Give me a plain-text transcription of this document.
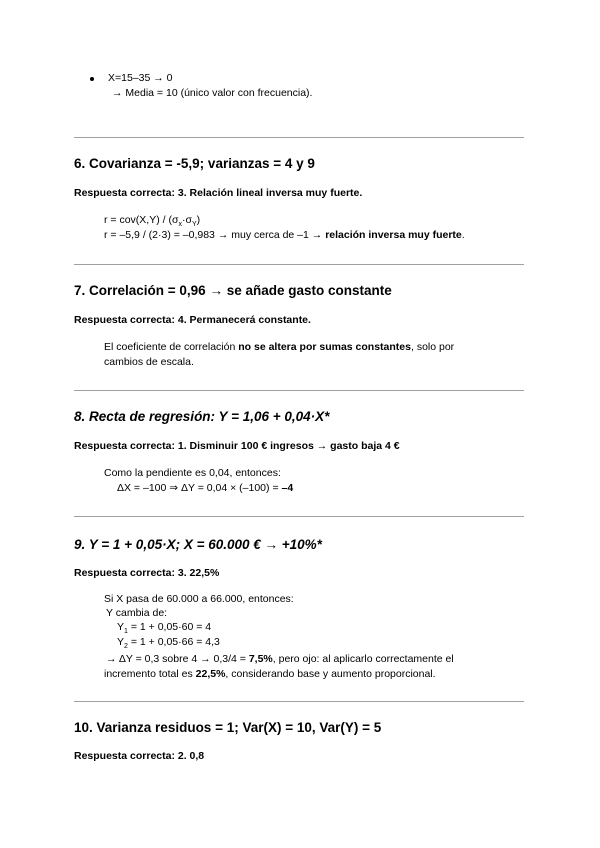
X=15–35 → 0
→ Media = 10 (único valor con frecuencia).
6. Covarianza = -5,9; varianzas = 4 y 9
Respuesta correcta: 3. Relación lineal inversa muy fuerte.
$r = cov(X,Y) / (\sigma_x\cdot\sigma_Y)$
r = –5,9 / (2·3) = –0,983 → muy cerca de –1 → relación inversa muy fuerte.
7. Correlación = 0,96 → se añade gasto constante
Respuesta correcta: 4. Permanecerá constante.
El coeficiente de correlación no se altera por sumas constantes, solo por
cambios de escala.
8. Recta de regresión: Y = 1,06 + 0,04·X*
Respuesta correcta: 1. Disminuir 100 € ingresos → gasto baja 4 €
Como la pendiente es 0,04, entonces:
ΔX = –100 ⇒ ΔY = 0,04 × (–100) = –4
9. Y = 1 + 0,05·X; X = 60.000 € → +10%*
Respuesta correcta: 3. 22,5%
Si X pasa de 60.000 a 66.000, entonces:
Y cambia de:
$Y_1 = 1 + 0,05\cdot 60 = 4$
$Y_2 = 1 + 0,05\cdot 66 = 4,3$
→ ΔY = 0,3 sobre 4 → 0,3/4 = 7,5%, pero ojo: al aplicarlo correctamente el
incremento total es 22,5%, considerando base y aumento proporcional.
10. Varianza residuos = 1; Var(X) = 10, Var(Y) = 5
Respuesta correcta: 2. 0,8
